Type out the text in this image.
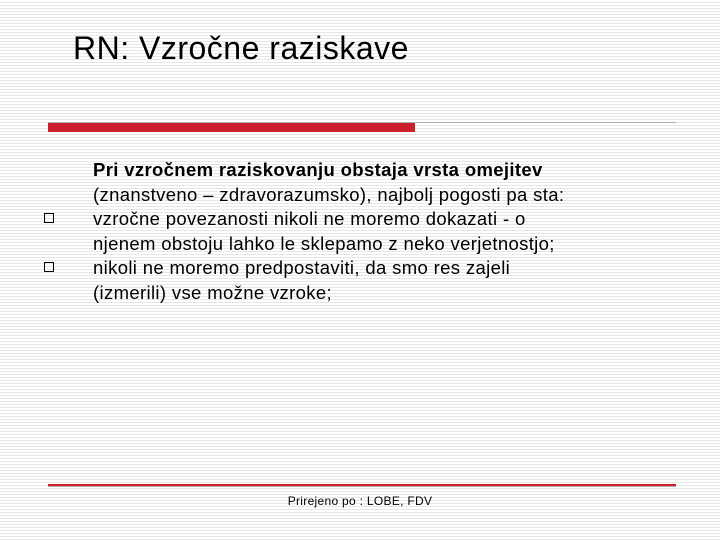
RN: Vzročne raziskave
Pri vzročnem raziskovanju obstaja vrsta omejitev
(znanstveno – zdravorazumsko), najbolj pogosti pa sta:
vzročne povezanosti nikoli ne moremo dokazati - o
njenem obstoju lahko le sklepamo z neko verjetnostjo;
nikoli ne moremo predpostaviti, da smo res zajeli
(izmerili) vse možne vzroke;
Prirejeno po : LOBE, FDV
